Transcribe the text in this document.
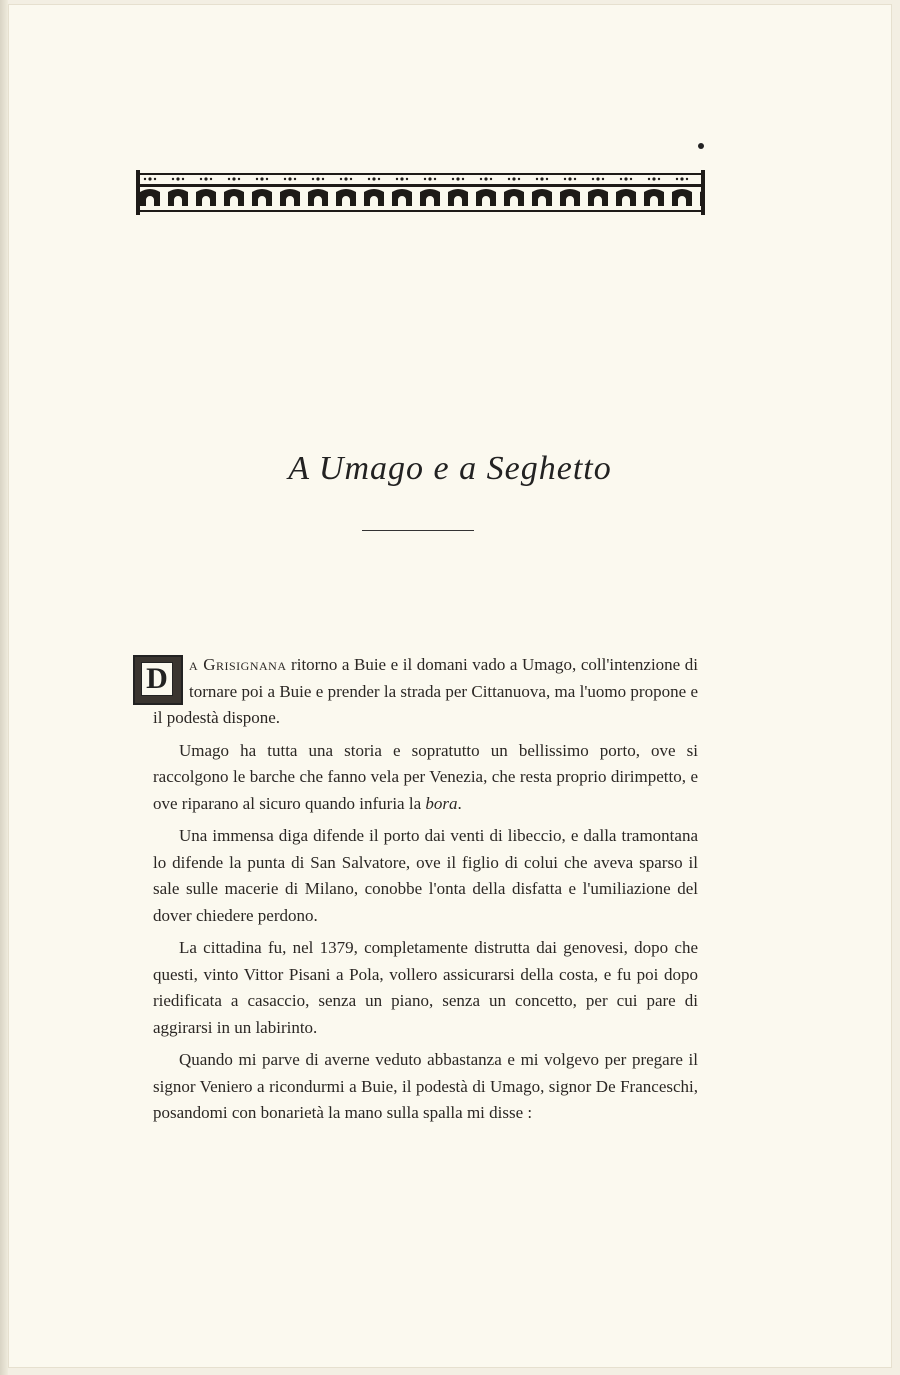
A Umago e a Seghetto

D	a Grisignana ritorno a Buie e il domani vado a Umago, coll'intenzione di tornare poi a Buie e prender la strada per Cittanuova, ma l'uomo propone e il podestà dispone.

Umago ha tutta una storia e sopratutto un bellissimo porto, ove si raccolgono le barche che fanno vela per Venezia, che resta proprio dirimpetto, e ove riparano al sicuro quando infuria la bora.

Una immensa diga difende il porto dai venti di libeccio, e dalla tramontana lo difende la punta di San Salvatore, ove il figlio di colui che aveva sparso il sale sulle macerie di Milano, conobbe l'onta della disfatta e l'umiliazione del dover chiedere perdono.

La cittadina fu, nel 1379, completamente distrutta dai genovesi, dopo che questi, vinto Vittor Pisani a Pola, vollero assicurarsi della costa, e fu poi dopo riedificata a casaccio, senza un piano, senza un concetto, per cui pare di aggirarsi in un labirinto.

Quando mi parve di averne veduto abbastanza e mi volgevo per pregare il signor Veniero a ricondurmi a Buie, il podestà di Umago, signor De Franceschi, posandomi con bonarietà la mano sulla spalla mi disse :
